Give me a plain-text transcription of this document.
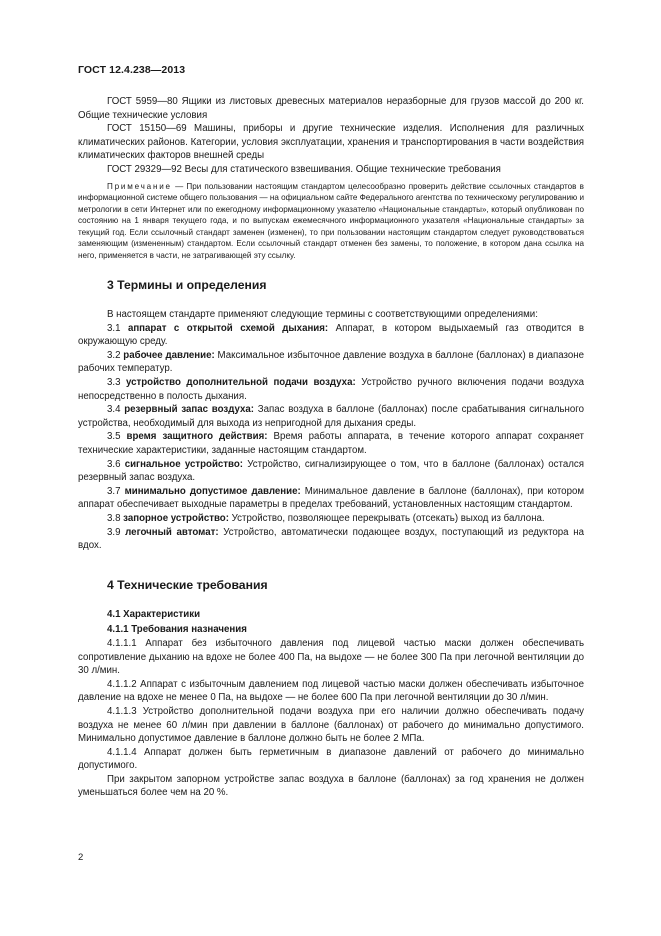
ГОСТ 12.4.238—2013

ГОСТ 5959—80 Ящики из листовых древесных материалов неразборные для грузов массой до 200 кг. Общие технические условия

ГОСТ 15150—69 Машины, приборы и другие технические изделия. Исполнения для различных климатических районов. Категории, условия эксплуатации, хранения и транспортирования в части воздействия климатических факторов внешней среды

ГОСТ 29329—92 Весы для статического взвешивания. Общие технические требования

Примечание — При пользовании настоящим стандартом целесообразно проверить действие ссылочных стандартов в информационной системе общего пользования — на официальном сайте Федерального агентства по техническому регулированию и метрологии в сети Интернет или по ежегодному информационному указателю «Национальные стандарты», который опубликован по состоянию на 1 января текущего года, и по выпускам ежемесячного информационного указателя «Национальные стандарты» за текущий год. Если ссылочный стандарт заменен (изменен), то при пользовании настоящим стандартом следует руководствоваться заменяющим (измененным) стандартом. Если ссылочный стандарт отменен без замены, то положение, в котором дана ссылка на него, применяется в части, не затрагивающей эту ссылку.

3 Термины и определения

В настоящем стандарте применяют следующие термины с соответствующими определениями:

3.1 аппарат с открытой схемой дыхания: Аппарат, в котором выдыхаемый газ отводится в окружающую среду.

3.2 рабочее давление: Максимальное избыточное давление воздуха в баллоне (баллонах) в диапазоне рабочих температур.

3.3 устройство дополнительной подачи воздуха: Устройство ручного включения подачи воздуха непосредственно в полость дыхания.

3.4 резервный запас воздуха: Запас воздуха в баллоне (баллонах) после срабатывания сигнального устройства, необходимый для выхода из непригодной для дыхания среды.

3.5 время защитного действия: Время работы аппарата, в течение которого аппарат сохраняет технические характеристики, заданные настоящим стандартом.

3.6 сигнальное устройство: Устройство, сигнализирующее о том, что в баллоне (баллонах) остался резервный запас воздуха.

3.7 минимально допустимое давление: Минимальное давление в баллоне (баллонах), при котором аппарат обеспечивает выходные параметры в пределах требований, установленных настоящим стандартом.

3.8 запорное устройство: Устройство, позволяющее перекрывать (отсекать) выход из баллона.

3.9 легочный автомат: Устройство, автоматически подающее воздух, поступающий из редуктора на вдох.

4 Технические требования

4.1 Характеристики

4.1.1 Требования назначения

4.1.1.1 Аппарат без избыточного давления под лицевой частью маски должен обеспечивать сопротивление дыханию на вдохе не более 400 Па, на выдохе — не более 300 Па при легочной вентиляции до 30 л/мин.

4.1.1.2 Аппарат с избыточным давлением под лицевой частью маски должен обеспечивать избыточное давление на вдохе не менее 0 Па, на выдохе — не более 600 Па при легочной вентиляции до 30 л/мин.

4.1.1.3 Устройство дополнительной подачи воздуха при его наличии должно обеспечивать подачу воздуха не менее 60 л/мин при давлении в баллоне (баллонах) от рабочего до минимально допустимого. Минимально допустимое давление в баллоне должно быть не более 2 МПа.

4.1.1.4 Аппарат должен быть герметичным в диапазоне давлений от рабочего до минимально допустимого.

При закрытом запорном устройстве запас воздуха в баллоне (баллонах) за год хранения не должен уменьшаться более чем на 20 %.

2
